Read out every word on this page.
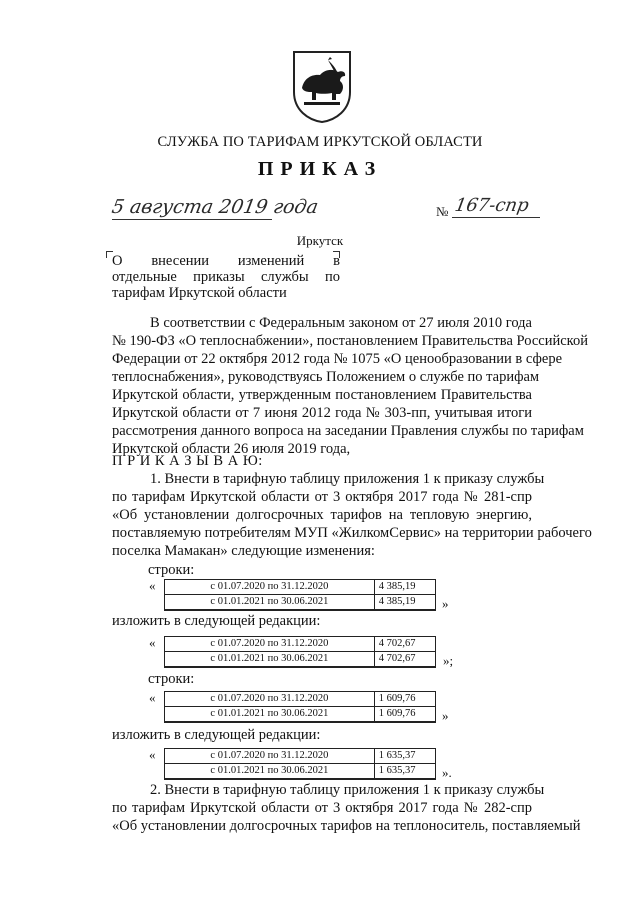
СЛУЖБА ПО ТАРИФАМ ИРКУТСКОЙ ОБЛАСТИ
ПРИКАЗ
5 августа 2019 года	№ 167-спр
Иркутск
О внесении изменений в
отдельные приказы службы по
тарифам Иркутской области
В соответствии с Федеральным законом от 27 июля 2010 года
№ 190-ФЗ «О теплоснабжении», постановлением Правительства Российской
Федерации от 22 октября 2012 года № 1075 «О ценообразовании в сфере
теплоснабжения», руководствуясь Положением о службе по тарифам
Иркутской области, утвержденным постановлением Правительства
Иркутской области от 7 июня 2012 года № 303-пп, учитывая итоги
рассмотрения данного вопроса на заседании Правления службы по тарифам
Иркутской области 26 июля 2019 года,
П Р И К А З Ы В А Ю:
1. Внести в тарифную таблицу приложения 1 к приказу службы
по тарифам Иркутской области от 3 октября 2017 года № 281-спр
«Об установлении долгосрочных тарифов на тепловую энергию,
поставляемую потребителям МУП «ЖилкомСервис» на территории рабочего
поселка Мамакан» следующие изменения:
строки:
«	с 01.07.2020 по 31.12.2020	4 385,19
с 01.01.2021 по 30.06.2021	4 385,19 »
изложить в следующей редакции:
«	с 01.07.2020 по 31.12.2020	4 702,67
с 01.01.2021 по 30.06.2021	4 702,67 »;
строки:
«	с 01.07.2020 по 31.12.2020	1 609,76
с 01.01.2021 по 30.06.2021	1 609,76 »
изложить в следующей редакции:
«	с 01.07.2020 по 31.12.2020	1 635,37
с 01.01.2021 по 30.06.2021	1 635,37 ».
2. Внести в тарифную таблицу приложения 1 к приказу службы
по тарифам Иркутской области от 3 октября 2017 года № 282-спр
«Об установлении долгосрочных тарифов на теплоноситель, поставляемый
